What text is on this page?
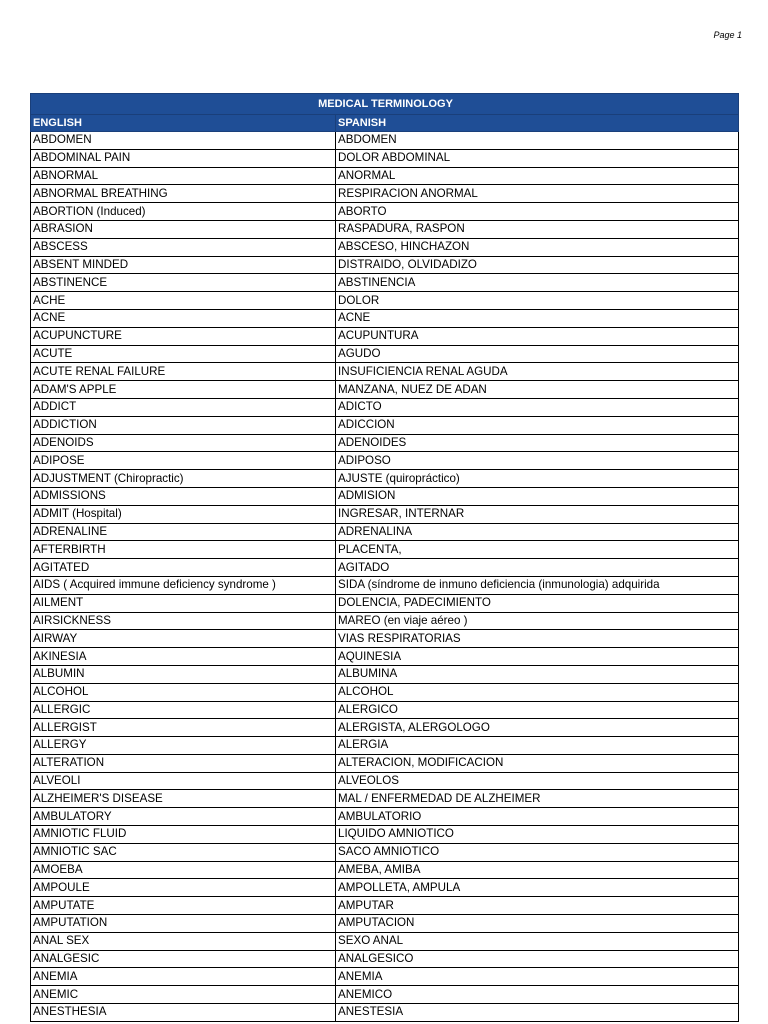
Page 1
MEDICAL TERMINOLOGY	
ENGLISH	SPANISH
ABDOMEN	ABDOMEN
ABDOMINAL PAIN	DOLOR ABDOMINAL
ABNORMAL	ANORMAL
ABNORMAL BREATHING	RESPIRACION ANORMAL
ABORTION (Induced)	ABORTO
ABRASION	RASPADURA, RASPON
ABSCESS	ABSCESO, HINCHAZON
ABSENT MINDED	DISTRAIDO, OLVIDADIZO
ABSTINENCE	ABSTINENCIA
ACHE	DOLOR
ACNE	ACNE
ACUPUNCTURE	ACUPUNTURA
ACUTE	AGUDO
ACUTE RENAL FAILURE	INSUFICIENCIA RENAL AGUDA
ADAM'S APPLE	MANZANA, NUEZ DE ADAN
ADDICT	ADICTO
ADDICTION	ADICCION
ADENOIDS	ADENOIDES
ADIPOSE	ADIPOSO
ADJUSTMENT (Chiropractic)	AJUSTE (quiropráctico)
ADMISSIONS	ADMISION
ADMIT (Hospital)	INGRESAR, INTERNAR
ADRENALINE	ADRENALINA
AFTERBIRTH	PLACENTA,
AGITATED	AGITADO
AIDS ( Acquired immune deficiency syndrome )	SIDA (síndrome de inmuno deficiencia (inmunologia) adquirida
AILMENT	DOLENCIA, PADECIMIENTO
AIRSICKNESS	MAREO (en viaje aéreo )
AIRWAY	VIAS RESPIRATORIAS
AKINESIA	AQUINESIA
ALBUMIN	ALBUMINA
ALCOHOL	ALCOHOL
ALLERGIC	ALERGICO
ALLERGIST	ALERGISTA, ALERGOLOGO
ALLERGY	ALERGIA
ALTERATION	ALTERACION, MODIFICACION
ALVEOLI	ALVEOLOS
ALZHEIMER'S DISEASE	MAL / ENFERMEDAD DE ALZHEIMER
AMBULATORY	AMBULATORIO
AMNIOTIC FLUID	LIQUIDO AMNIOTICO
AMNIOTIC SAC	SACO AMNIOTICO
AMOEBA	AMEBA, AMIBA
AMPOULE	AMPOLLETA, AMPULA
AMPUTATE	AMPUTAR
AMPUTATION	AMPUTACION
ANAL SEX	SEXO ANAL
ANALGESIC	ANALGESICO
ANEMIA	ANEMIA
ANEMIC	ANEMICO
ANESTHESIA	ANESTESIA
